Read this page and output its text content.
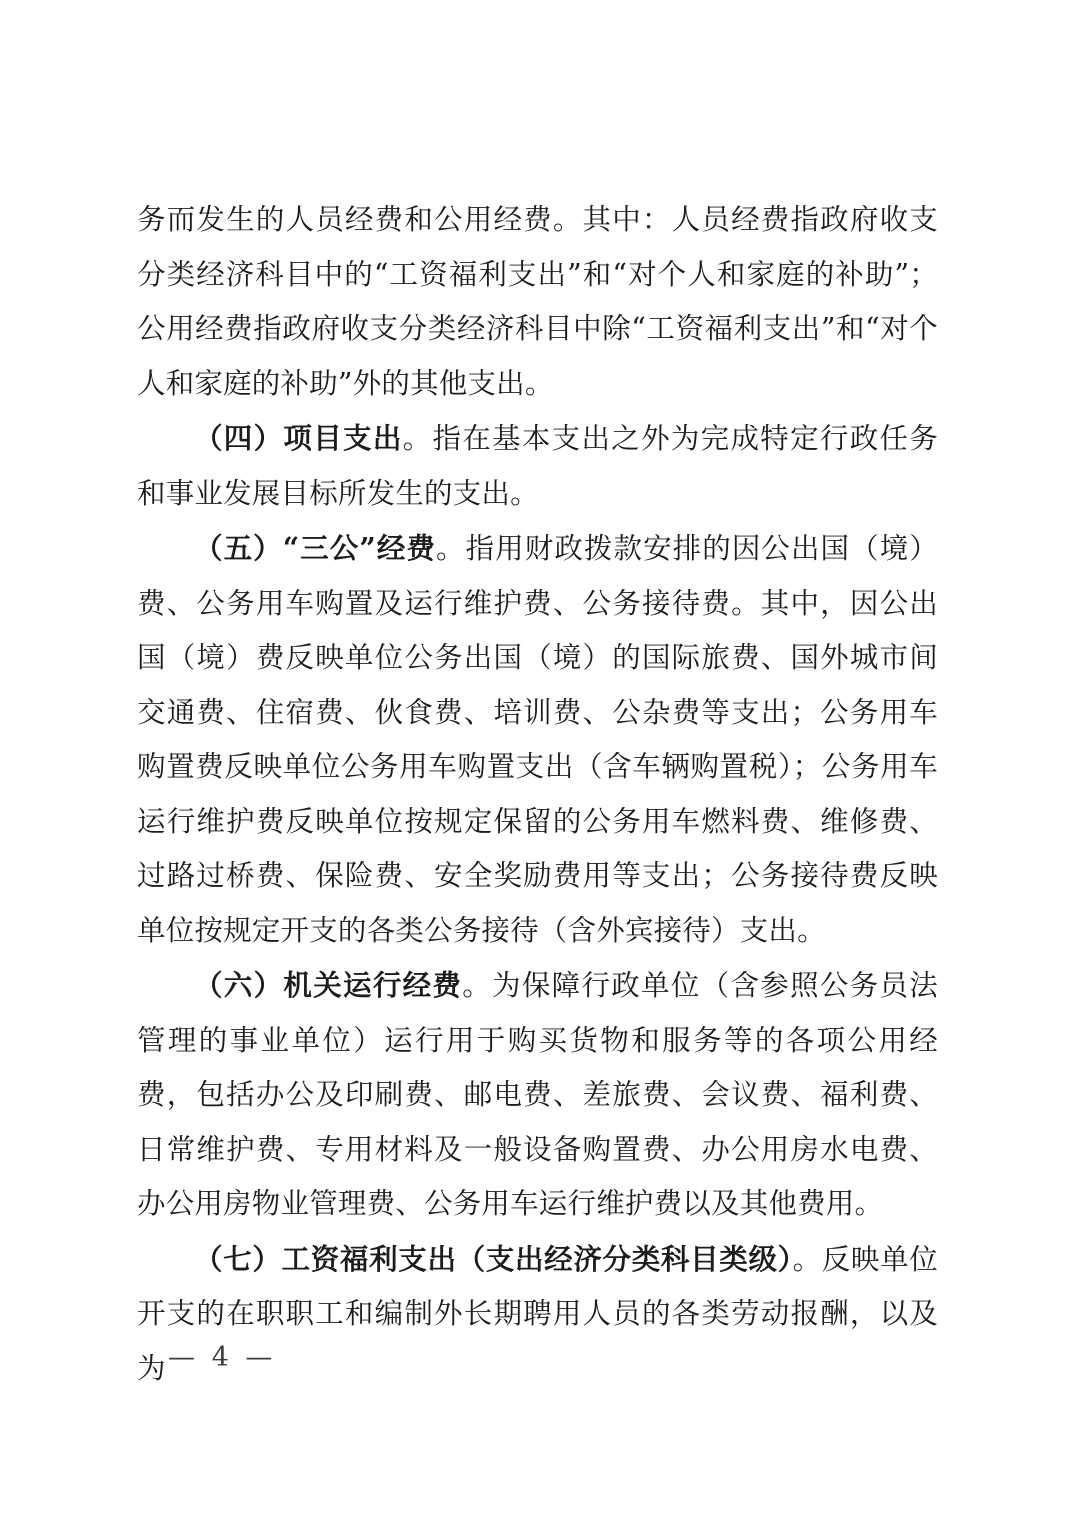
务而发生的人员经费和公用经费。其中：人员经费指政府收支分类经济科目中的“工资福利支出”和“对个人和家庭的补助”；公用经费指政府收支分类经济科目中除“工资福利支出”和“对个人和家庭的补助”外的其他支出。

（四）项目支出。指在基本支出之外为完成特定行政任务和事业发展目标所发生的支出。

（五）“三公”经费。指用财政拨款安排的因公出国（境）费、公务用车购置及运行维护费、公务接待费。其中，因公出国（境）费反映单位公务出国（境）的国际旅费、国外城市间交通费、住宿费、伙食费、培训费、公杂费等支出；公务用车购置费反映单位公务用车购置支出（含车辆购置税）；公务用车运行维护费反映单位按规定保留的公务用车燃料费、维修费、过路过桥费、保险费、安全奖励费用等支出；公务接待费反映单位按规定开支的各类公务接待（含外宾接待）支出。

（六）机关运行经费。为保障行政单位（含参照公务员法管理的事业单位）运行用于购买货物和服务等的各项公用经费，包括办公及印刷费、邮电费、差旅费、会议费、福利费、日常维护费、专用材料及一般设备购置费、办公用房水电费、办公用房物业管理费、公务用车运行维护费以及其他费用。

（七）工资福利支出（支出经济分类科目类级）。反映单位开支的在职职工和编制外长期聘用人员的各类劳动报酬，以及为 — 4 —
